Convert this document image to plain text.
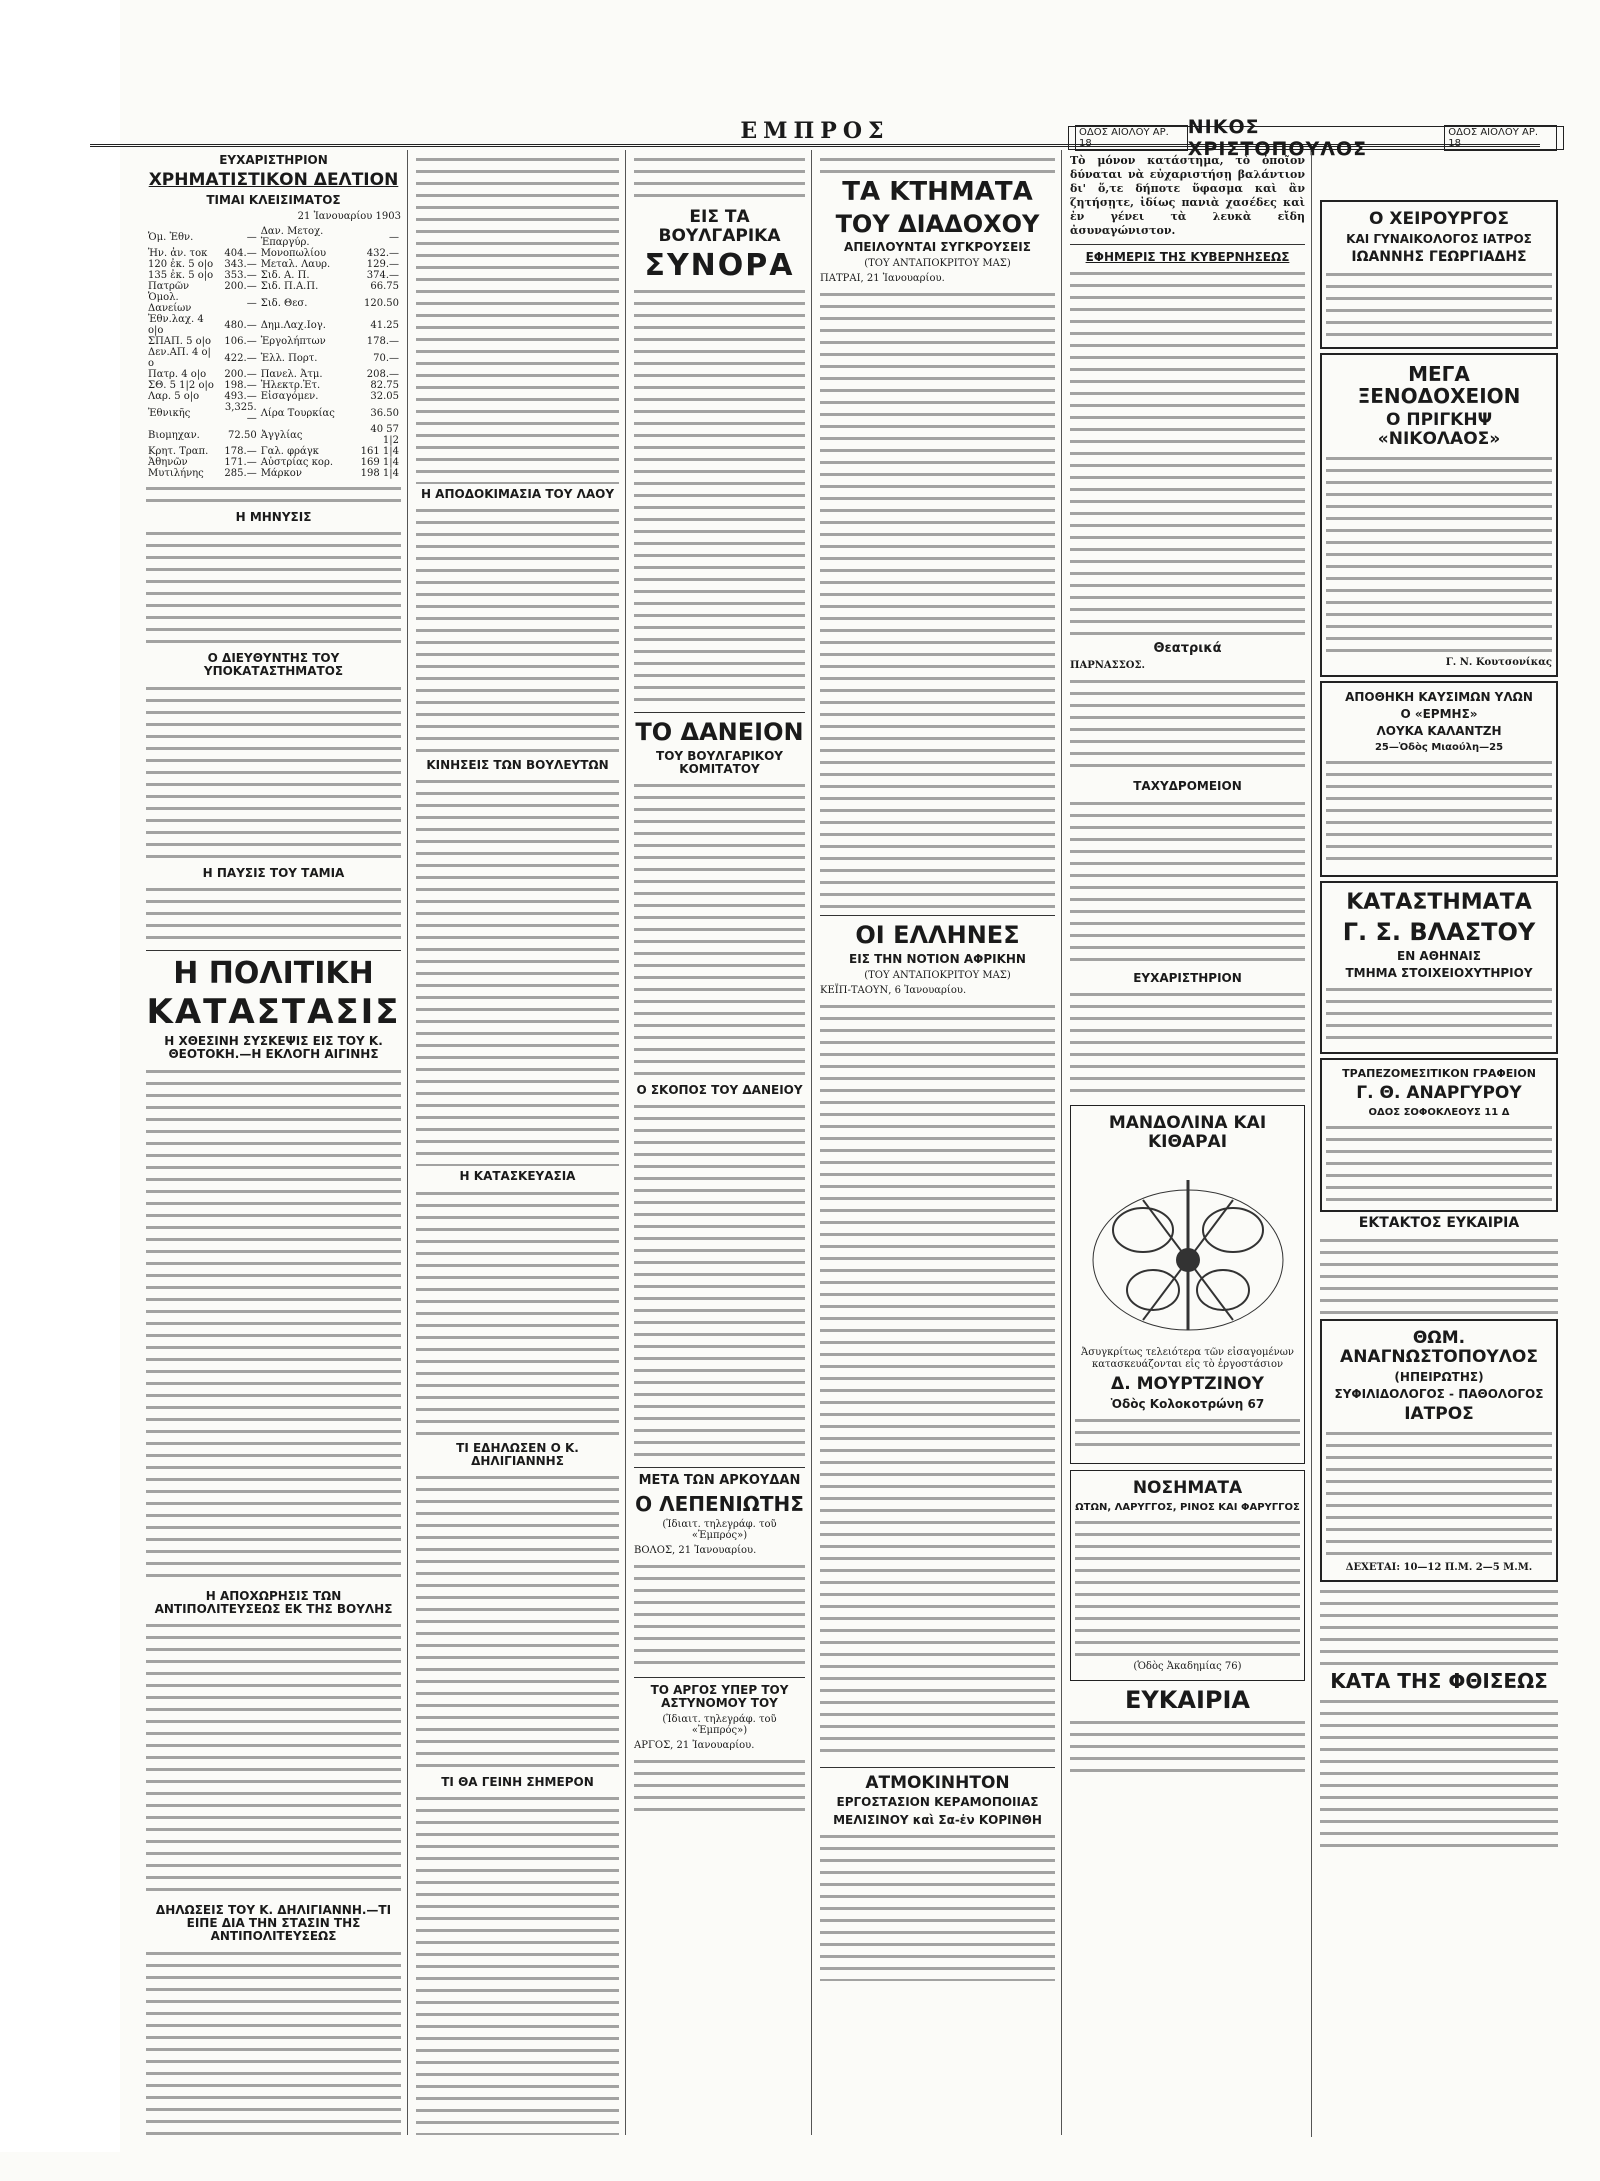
ΕΜΠΡΟΣ
ΕΥΧΑΡΙΣΤΗΡΙΟΝ
ΧΡΗΜΑΤΙΣΤΙΚΟΝ ΔΕΛΤΙΟΝ
ΤΙΜΑΙ ΚΛΕΙΣΙΜΑΤΟΣ
21 Ἰανουαρίου 1903
Ὁμ. Ἐθν.	—	Δαν. Μετοχ. Ἐπαργύρ.	—
Ἡν. ἀν. τοκ	404.—	Μονοπωλίου	432.—
120 ἐκ. 5 ο|ο	343.—	Μεταλ. Λαυρ.	129.—
135 ἐκ. 5 ο|ο	353.—	Σιδ. Α. Π.	374.—
Πατρῶν	200.—	Σιδ. Π.Α.Π.	66.75
Ὁμολ. Δανείων	—	Σιδ. Θεσ.	120.50
Ἐθν.λαχ. 4 ο|ο	480.—	Δημ.Λαχ.Ιογ.	41.25
ΣΠΑΠ. 5 ο|ο	106.—	Ἐργολήπτων	178.—
Δεν.ΑΠ. 4 ο|ο	422.—	Ἑλλ. Πορτ.	70.—
Πατρ. 4 ο|ο	200.—	Πανελ. Ἀτμ.	208.—
ΣΘ. 5 1|2 ο|ο	198.—	Ἠλεκτρ.Ἑτ.	82.75
Λαρ. 5 ο|ο	493.—	Εἰσαγόμεν.	32.05
Ἐθνικῆς	3,325.—	Λίρα Τουρκίας	36.50
Βιομηχαν.	72.50	Ἀγγλίας	40 57 1|2
Κρητ. Τραπ.	178.—	Γαλ. φράγκ	161 1|4
Ἀθηνῶν	171.—	Αὐστρίας κορ.	169 1|4
Μυτιλήνης	285.—	Μάρκον	198 1|4
Η ΜΗΝΥΣΙΣ
Ο ΔΙΕΥΘΥΝΤΗΣ ΤΟΥ ΥΠΟΚΑΤΑΣΤΗΜΑΤΟΣ
Η ΠΑΥΣΙΣ ΤΟΥ ΤΑΜΙΑ
Η ΠΟΛΙΤΙΚΗ
ΚΑΤΑΣΤΑΣΙΣ
Η ΧΘΕΣΙΝΗ ΣΥΣΚΕΨΙΣ ΕΙΣ ΤΟΥ Κ. ΘΕΟΤΟΚΗ.—Η ΕΚΛΟΓΗ ΑΙΓΙΝΗΣ
Η ΑΠΟΧΩΡΗΣΙΣ ΤΩΝ ΑΝΤΙΠΟΛΙΤΕΥΣΕΩΣ ΕΚ ΤΗΣ ΒΟΥΛΗΣ
ΔΗΛΩΣΕΙΣ ΤΟΥ Κ. ΔΗΛΙΓΙΑΝΝΗ.—ΤΙ ΕΙΠΕ ΔΙΑ ΤΗΝ ΣΤΑΣΙΝ ΤΗΣ ΑΝΤΙΠΟΛΙΤΕΥΣΕΩΣ
Η ΑΠΟΔΟΚΙΜΑΣΙΑ ΤΟΥ ΛΑΟΥ
ΚΙΝΗΣΕΙΣ ΤΩΝ ΒΟΥΛΕΥΤΩΝ
Η ΚΑΤΑΣΚΕΥΑΣΙΑ
ΤΙ ΕΔΗΛΩΣΕΝ Ο Κ. ΔΗΛΙΓΙΑΝΝΗΣ
ΤΙ ΘΑ ΓΕΙΝΗ ΣΗΜΕΡΟΝ
ΕΙΣ ΤΑ ΒΟΥΛΓΑΡΙΚΑ
ΣΥΝΟΡΑ
ΤΟ ΔΑΝΕΙΟΝ
ΤΟΥ ΒΟΥΛΓΑΡΙΚΟΥ ΚΟΜΙΤΑΤΟΥ
Ο ΣΚΟΠΟΣ ΤΟΥ ΔΑΝΕΙΟΥ
ΜΕΤΑ ΤΩΝ ΑΡΚΟΥΔΑΝ
Ο ΛΕΠΕΝΙΩΤΗΣ
(Ἰδιαιτ. τηλεγράφ. τοῦ «Ἐμπρός»)
ΒΟΛΟΣ, 21 Ἰανουαρίου.
ΤΟ ΑΡΓΟΣ ΥΠΕΡ ΤΟΥ ΑΣΤΥΝΟΜΟΥ ΤΟΥ
(Ἰδιαιτ. τηλεγράφ. τοῦ «Ἐμπρός»)
ΑΡΓΟΣ, 21 Ἰανουαρίου.
ΤΑ ΚΤΗΜΑΤΑ
ΤΟΥ ΔΙΑΔΟΧΟΥ
ΑΠΕΙΛΟΥΝΤΑΙ ΣΥΓΚΡΟΥΣΕΙΣ
(ΤΟΥ ΑΝΤΑΠΟΚΡΙΤΟΥ ΜΑΣ)
ΠΑΤΡΑΙ, 21 Ἰανουαρίου.
ΟΙ ΕΛΛΗΝΕΣ
ΕΙΣ ΤΗΝ ΝΟΤΙΟΝ ΑΦΡΙΚΗΝ
(ΤΟΥ ΑΝΤΑΠΟΚΡΙΤΟΥ ΜΑΣ)
ΚΕΪΠ-ΤΑΟΥΝ, 6 Ἰανουαρίου.
ΑΤΜΟΚΙΝΗΤΟΝ
ΕΡΓΟΣΤΑΣΙΟΝ ΚΕΡΑΜΟΠΟΙΙΑΣ
ΜΕΛΙΣΙΝΟΥ καὶ Σα-ἐν ΚΟΡΙΝΘΗ
ΟΔΟΣ ΑΙΟΛΟΥ ΑΡ. 18
ΝΙΚΟΣ ΧΡΙΣΤΟΠΟΥΛΟΣ
ΟΔΟΣ ΑΙΟΛΟΥ ΑΡ. 18
Τὸ μόνον κατάστημα, τὸ ὁποῖον δύναται νὰ εὐχαριστήσῃ βαλάντιον δι' ὅ,τε δήποτε ὕφασμα καὶ ἂν ζητήσῃτε, ἰδίως πανιὰ χασέδες καὶ ἐν γένει τὰ λευκὰ εἴδη ἀσυναγώνιστον.
ΕΦΗΜΕΡΙΣ ΤΗΣ ΚΥΒΕΡΝΗΣΕΩΣ
Θεατρικά
ΠΑΡΝΑΣΣΟΣ.
ΤΑΧΥΔΡΟΜΕΙΟΝ
ΕΥΧΑΡΙΣΤΗΡΙΟΝ
ΜΑΝΔΟΛΙΝΑ ΚΑΙ ΚΙΘΑΡΑΙ
Ἀσυγκρίτως τελειότερα τῶν εἰσαγομένων κατασκευάζονται εἰς τὸ ἐργοστάσιον
Δ. ΜΟΥΡΤΖΙΝΟΥ
Ὁδὸς Κολοκοτρώνη 67
ΝΟΣΗΜΑΤΑ
ΩΤΩΝ, ΛΑΡΥΓΓΟΣ, ΡΙΝΟΣ ΚΑΙ ΦΑΡΥΓΓΟΣ
(Ὁδὸς Ἀκαδημίας 76)
ΕΥΚΑΙΡΙΑ
Ο ΧΕΙΡΟΥΡΓΟΣ
ΚΑΙ ΓΥΝΑΙΚΟΛΟΓΟΣ ΙΑΤΡΟΣ
ΙΩΑΝΝΗΣ ΓΕΩΡΓΙΑΔΗΣ
ΜΕΓΑ ΞΕΝΟΔΟΧΕΙΟΝ
Ο ΠΡΙΓΚΗΨ «ΝΙΚΟΛΑΟΣ»
Γ. Ν. Κουτσονίκας
ΑΠΟΘΗΚΗ ΚΑΥΣΙΜΩΝ ΥΛΩΝ
Ο «ΕΡΜΗΣ»
ΛΟΥΚΑ ΚΑΛΑΝΤΖΗ
25—Ὁδὸς Μιαούλη—25
ΚΑΤΑΣΤΗΜΑΤΑ
Γ. Σ. ΒΛΑΣΤΟΥ
ΕΝ ΑΘΗΝΑΙΣ
ΤΜΗΜΑ ΣΤΟΙΧΕΙΟΧΥΤΗΡΙΟΥ
ΤΡΑΠΕΖΟΜΕΣΙΤΙΚΟΝ ΓΡΑΦΕΙΟΝ
Γ. Θ. ΑΝΑΡΓΥΡΟΥ
ΟΔΟΣ ΣΟΦΟΚΛΕΟΥΣ 11 Δ
ΕΚΤΑΚΤΟΣ ΕΥΚΑΙΡΙΑ
ΘΩΜ. ΑΝΑΓΝΩΣΤΟΠΟΥΛΟΣ
(ΗΠΕΙΡΩΤΗΣ)
ΣΥΦΙΛΙΔΟΛΟΓΟΣ - ΠΑΘΟΛΟΓΟΣ
ΙΑΤΡΟΣ
ΔΕΧΕΤΑΙ: 10—12 Π.Μ. 2—5 Μ.Μ.
ΚΑΤΑ ΤΗΣ ΦΘΙΣΕΩΣ
